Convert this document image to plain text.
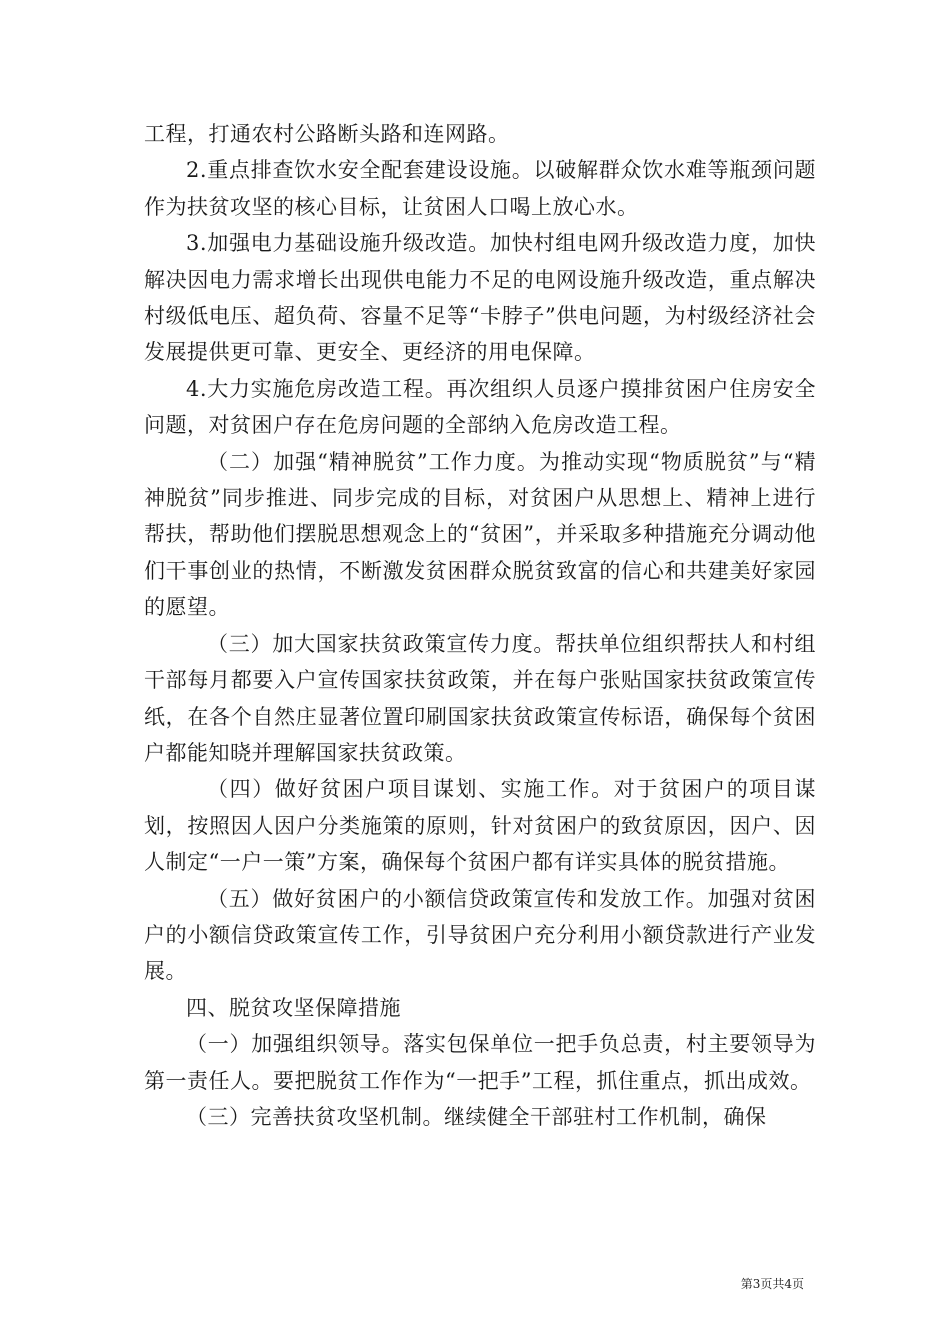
工程，打通农村公路断头路和连网路。

2.重点排查饮水安全配套建设设施。以破解群众饮水难等瓶颈问题作为扶贫攻坚的核心目标，让贫困人口喝上放心水。

3.加强电力基础设施升级改造。加快村组电网升级改造力度，加快解决因电力需求增长出现供电能力不足的电网设施升级改造，重点解决村级低电压、超负荷、容量不足等“卡脖子”供电问题，为村级经济社会发展提供更可靠、更安全、更经济的用电保障。

4.大力实施危房改造工程。再次组织人员逐户摸排贫困户住房安全问题，对贫困户存在危房问题的全部纳入危房改造工程。

（二）加强“精神脱贫”工作力度。为推动实现“物质脱贫”与“精神脱贫”同步推进、同步完成的目标，对贫困户从思想上、精神上进行帮扶，帮助他们摆脱思想观念上的“贫困”，并采取多种措施充分调动他们干事创业的热情，不断激发贫困群众脱贫致富的信心和共建美好家园的愿望。

（三）加大国家扶贫政策宣传力度。帮扶单位组织帮扶人和村组干部每月都要入户宣传国家扶贫政策，并在每户张贴国家扶贫政策宣传纸，在各个自然庄显著位置印刷国家扶贫政策宣传标语，确保每个贫困户都能知晓并理解国家扶贫政策。

（四）做好贫困户项目谋划、实施工作。对于贫困户的项目谋划，按照因人因户分类施策的原则，针对贫困户的致贫原因，因户、因人制定“一户一策”方案，确保每个贫困户都有详实具体的脱贫措施。

（五）做好贫困户的小额信贷政策宣传和发放工作。加强对贫困户的小额信贷政策宣传工作，引导贫困户充分利用小额贷款进行产业发展。

四、脱贫攻坚保障措施

（一）加强组织领导。落实包保单位一把手负总责，村主要领导为第一责任人。要把脱贫工作作为“一把手”工程，抓住重点，抓出成效。

（三）完善扶贫攻坚机制。继续健全干部驻村工作机制，确保

第3页共4页
